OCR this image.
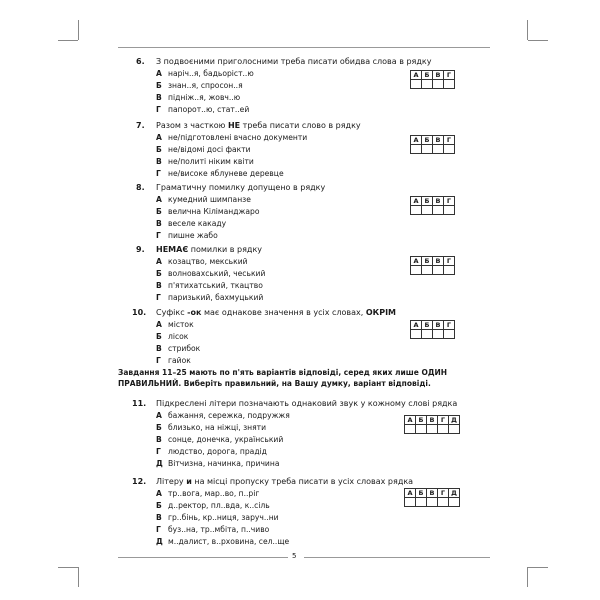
6. З подвоєними приголосними треба писати обидва слова в рядку
А наріч..я, бадьоріст..ю
Б знан..я, спросон..я
В підніж..я, жовч..ю
Г папорот..ю, стат..ей
А	Б	В	Г

7. Разом з часткою НЕ треба писати слово в рядку
А не/підготовлені вчасно документи
Б не/відомі досі факти
В не/политі ніким квіти
Г не/високе яблуневе деревце
А	Б	В	Г

8. Граматичну помилку допущено в рядку
А кумедний шимпанзе
Б велична Кіліманджаро
В веселе какаду
Г пишне жабо
А	Б	В	Г

9. НЕМАЄ помилки в рядку
А козацтво, мекський
Б волновахський, чеський
В п'ятихатський, ткацтво
Г паризький, бахмуцький
А	Б	В	Г

10. Суфікс -ок має однакове значення в усіх словах, ОКРІМ
А місток
Б лісок
В стрибок
Г гайок
А	Б	В	Г

Завдання 11–25 мають по п'ять варіантів відповіді, серед яких лише ОДИН ПРАВИЛЬНИЙ. Виберіть правильний, на Вашу думку, варіант відповіді.
11. Підкреслені літери позначають однаковий звук у кожному слові рядка
А бажання, сережка, подружжя
Б близько, на ніжці, зняти
В сонце, донечка, український
Г людство, дорога, прадід
Д Вітчизна, начинка, причина
А	Б	В	Г	Д

12. Літеру и на місці пропуску треба писати в усіх словах рядка
А тр..вога, мар..во, п..ріг
Б д..ректор, пл..вда, к..сіль
В гр..бінь, кр..ниця, заруч..ни
Г буз..на, тр..мбіта, п..чиво
Д м..далист, в..рховина, сел..ще
А	Б	В	Г	Д

5
